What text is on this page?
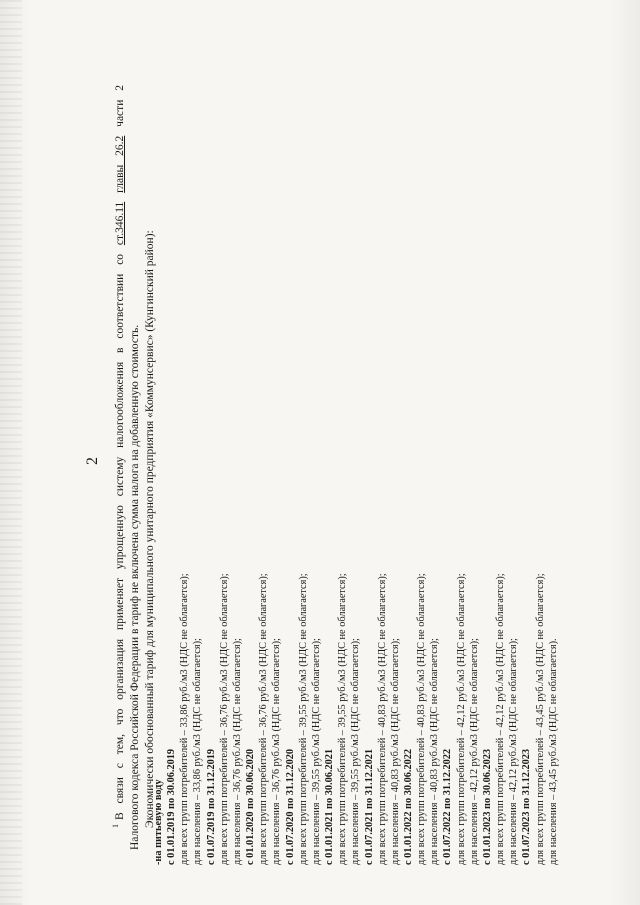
2

$^1$В связи с тем, что организация применяет упрощенную систему налогообложения в соответствии со ст.346.11 главы 26.2 части 2

Налогового кодекса Российской Федерации в тариф не включена сумма налога на добавленную стоимость. Экономически обоснованный тариф для муниципального унитарного предприятия «Коммунсервис» (Кунгинский район):

-на питьевую воду с 01.01.2019 по 30.06.2019 для всех групп потребителей – 33,86 руб./м3 (НДС не облагается); для населения – 33,86 руб./м3 (НДС не облагается); с 01.07.2019 по 31.12.2019 для всех групп потребителей – 36,76 руб./м3 (НДС не облагается); для населения – 36,76 руб./м3 (НДС не облагается); с 01.01.2020 по 30.06.2020 для всех групп потребителей – 36,76 руб./м3 (НДС не облагается); для населения – 36,76 руб./м3 (НДС не облагается); с 01.07.2020 по 31.12.2020 для всех групп потребителей – 39,55 руб./м3 (НДС не облагается); для населения – 39,55 руб./м3 (НДС не облагается); с 01.01.2021 по 30.06.2021 для всех групп потребителей – 39,55 руб./м3 (НДС не облагается); для населения – 39,55 руб./м3 (НДС не облагается); с 01.07.2021 по 31.12.2021 для всех групп потребителей – 40,83 руб./м3 (НДС не облагается); для населения – 40,83 руб./м3 (НДС не облагается); с 01.01.2022 по 30.06.2022 для всех групп потребителей – 40,83 руб./м3 (НДС не облагается); для населения – 40,83 руб./м3 (НДС не облагается); с 01.07.2022 по 31.12.2022 для всех групп потребителей – 42,12 руб./м3 (НДС не облагается); для населения – 42,12 руб./м3 (НДС не облагается); с 01.01.2023 по 30.06.2023 для всех групп потребителей – 42,12 руб./м3 (НДС не облагается); для населения – 42,12 руб./м3 (НДС не облагается); с 01.07.2023 по 31.12.2023 для всех групп потребителей – 43,45 руб./м3 (НДС не облагается); для населения – 43,45 руб./м3 (НДС не облагается).
